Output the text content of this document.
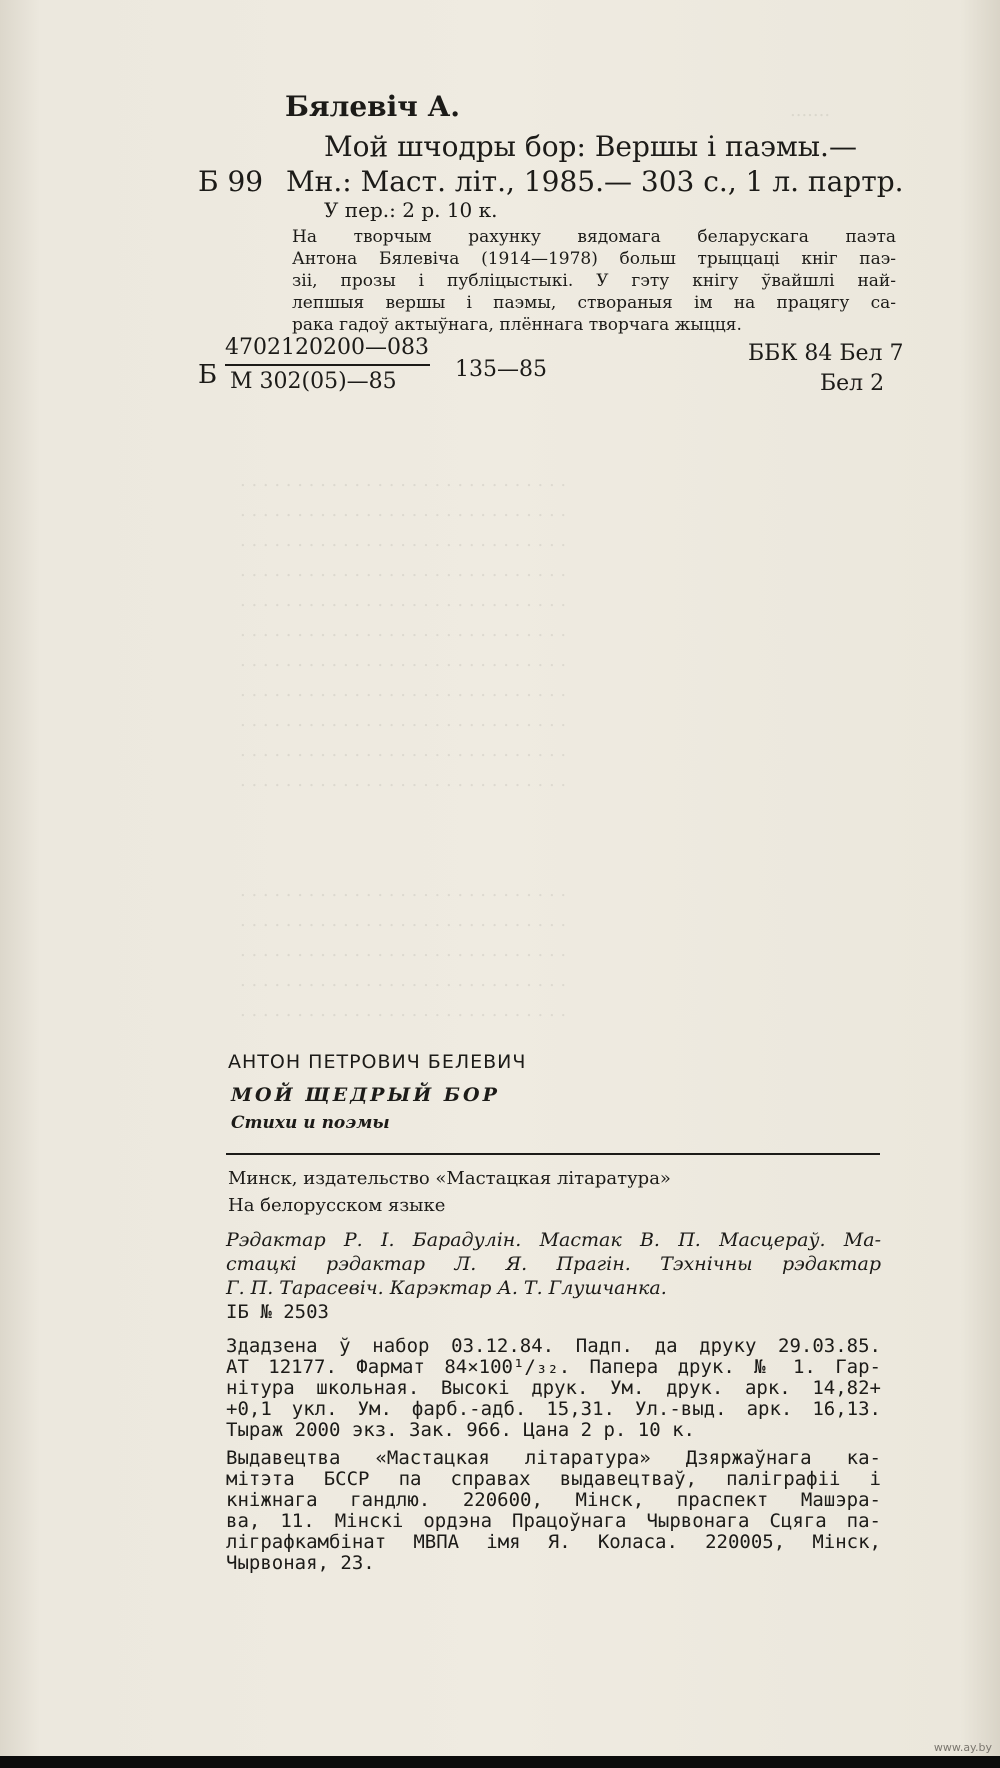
.......
. . . . . . . . . . . . . . . . . . . . . . . . . . . . .
. . . . . . . . . . . . . . . . . . . . . . . . . . . . .
. . . . . . . . . . . . . . . . . . . . . . . . . . . . .
. . . . . . . . . . . . . . . . . . . . . . . . . . . . .
. . . . . . . . . . . . . . . . . . . . . . . . . . . . .
. . . . . . . . . . . . . . . . . . . . . . . . . . . . .
. . . . . . . . . . . . . . . . . . . . . . . . . . . . .
. . . . . . . . . . . . . . . . . . . . . . . . . . . . .
. . . . . . . . . . . . . . . . . . . . . . . . . . . . .
. . . . . . . . . . . . . . . . . . . . . . . . . . . . .
. . . . . . . . . . . . . . . . . . . . . . . . . . . . .
. . . . . . . . . . . . . . . . . . . . . . . . . . . . .
. . . . . . . . . . . . . . . . . . . . . . . . . . . . .
. . . . . . . . . . . . . . . . . . . . . . . . . . . . .
. . . . . . . . . . . . . . . . . . . . . . . . . . . . .
. . . . . . . . . . . . . . . . . . . . . . . . . . . . .
Бялевіч А.
Мой шчодры бор: Вершы і паэмы.—
Б 99 Мн.: Маст. літ., 1985.— 303 с., 1 л. партр.
У пер.: 2 р. 10 к.
На творчым рахунку вядомага беларускага паэта
Антона Бялевіча (1914—1978) больш трыццаці кніг паэ-
зіі, прозы і публіцыстыкі. У гэту кнігу ўвайшлі най-
лепшыя вершы і паэмы, створаныя ім на працягу са-
рака гадоў актыўнага, плённага творчага жыцця.
Б
4702120200—083
М 302(05)—85	135—85
ББК 84 Бел 7
Бел 2
АНТОН ПЕТРОВИЧ БЕЛЕВИЧ
МОЙ ЩЕДРЫЙ БОР
Стихи и поэмы
Минск, издательство «Мастацкая літаратура»
На белорусском языке
Рэдактар Р. І. Барадулін. Мастак В. П. Масцераў. Ма-
стацкі рэдактар Л. Я. Прагін. Тэхнічны рэдактар
Г. П. Тарасевіч. Карэктар А. Т. Глушчанка.
ІБ № 2503
Здадзена ў набор 03.12.84. Падп. да друку 29.03.85.
АТ 12177. Фармат 84×100¹/₃₂. Папера друк. № 1. Гар-
нітура школьная. Высокі друк. Ум. друк. арк. 14,82+
+0,1 укл. Ум. фарб.-адб. 15,31. Ул.-выд. арк. 16,13.
Тыраж 2000 экз. Зак. 966. Цана 2 р. 10 к.
Выдавецтва «Мастацкая літаратура» Дзяржаўнага ка-
мітэта БССР па справах выдавецтваў, паліграфіі і
кніжнага гандлю. 220600, Мінск, праспект Машэра-
ва, 11. Мінскі ордэна Працоўнага Чырвонага Сцяга па-
ліграфкамбінат МВПА імя Я. Коласа. 220005, Мінск,
Чырвоная, 23.
www.ay.by
